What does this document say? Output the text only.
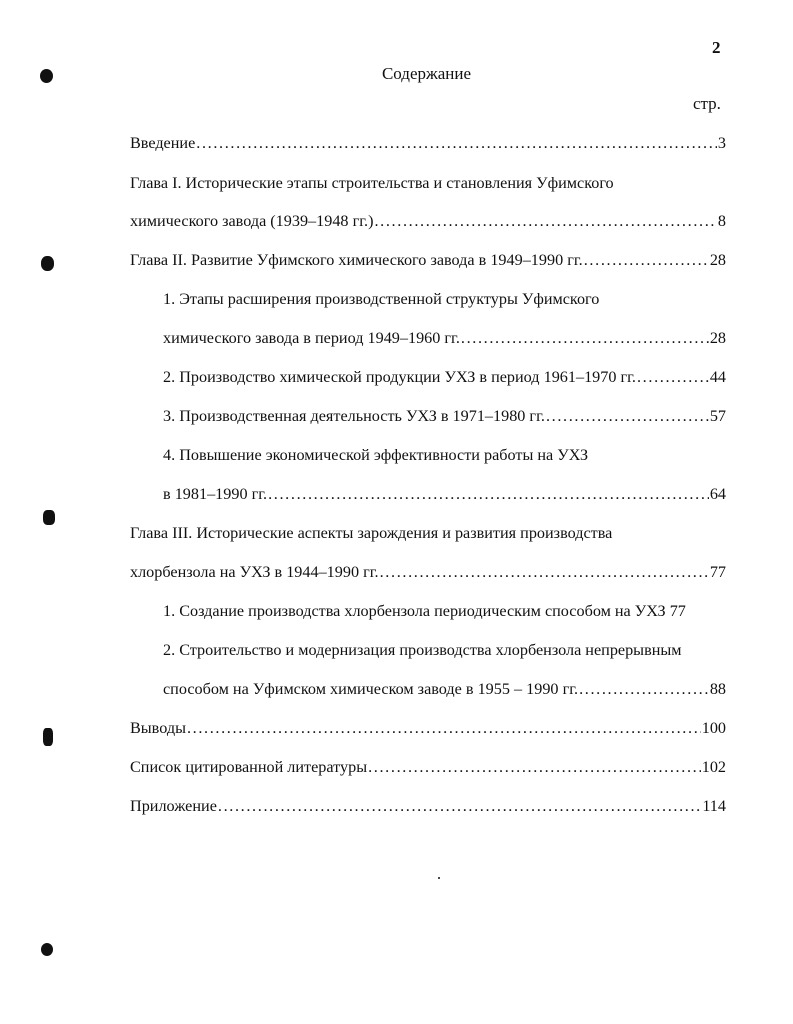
2
Содержание
стр.
Введение . . .	3
Глава I. Исторические этапы строительства и становления Уфимского
химического завода (1939–1948 гг.) . . .	8
Глава II. Развитие Уфимского химического завода в 1949–1990 гг. . . .	28
1. Этапы расширения производственной структуры Уфимского
химического завода в период 1949–1960 гг. . . .	28
2. Производство химической продукции УХЗ в период 1961–1970 гг. . . .	44
3. Производственная деятельность УХЗ в 1971–1980 гг. . . .	57
4. Повышение экономической эффективности работы на УХЗ
в 1981–1990 гг. . . .	64
Глава III. Исторические аспекты зарождения и развития производства
хлорбензола на УХЗ в 1944–1990 гг. . . .	77
1. Создание производства хлорбензола периодическим способом на УХЗ 77
2. Строительство и модернизация производства хлорбензола непрерывным
способом на Уфимском химическом заводе в 1955 – 1990 гг. . . .	88
Выводы . . .	100
Список цитированной литературы . . .	102
Приложение . . .	114
